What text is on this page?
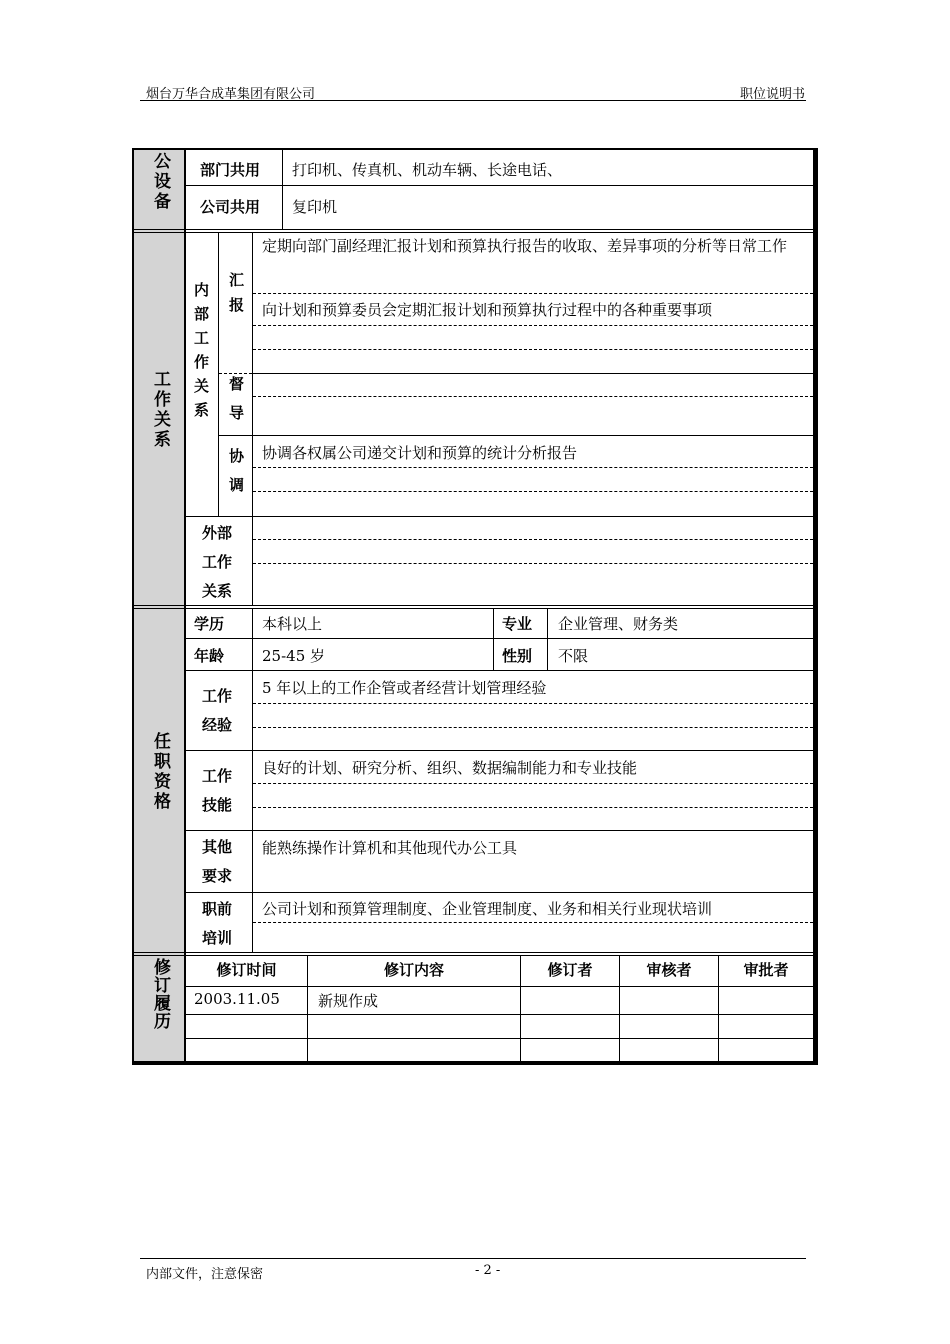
烟台万华合成革集团有限公司	职位说明书
公设备 部门共用 打印机、传真机、机动车辆、长途电话、
公司共用 复印机
工作关系 内部工作关系 汇报
定期向部门副经理汇报计划和预算执行报告的收取、差异事项的分析等日常工作
向计划和预算委员会定期汇报计划和预算执行过程中的各种重要事项
督导
协调 协调各权属公司递交计划和预算的统计分析报告
外部
工作
关系
任职资格
学历	本科以上	专业 企业管理、财务类
年龄	25-45 岁	性别 不限
工作
经验
5 年以上的工作企管或者经营计划管理经验
工作
技能
良好的计划、研究分析、组织、数据编制能力和专业技能
其他
要求
能熟练操作计算机和其他现代办公工具
职前
培训
公司计划和预算管理制度、企业管理制度、业务和相关行业现状培训
修订履历	修订时间	修订内容	修订者	审核者	审批者
2003.11.05	新规作成
内部文件，注意保密	- 2 -
